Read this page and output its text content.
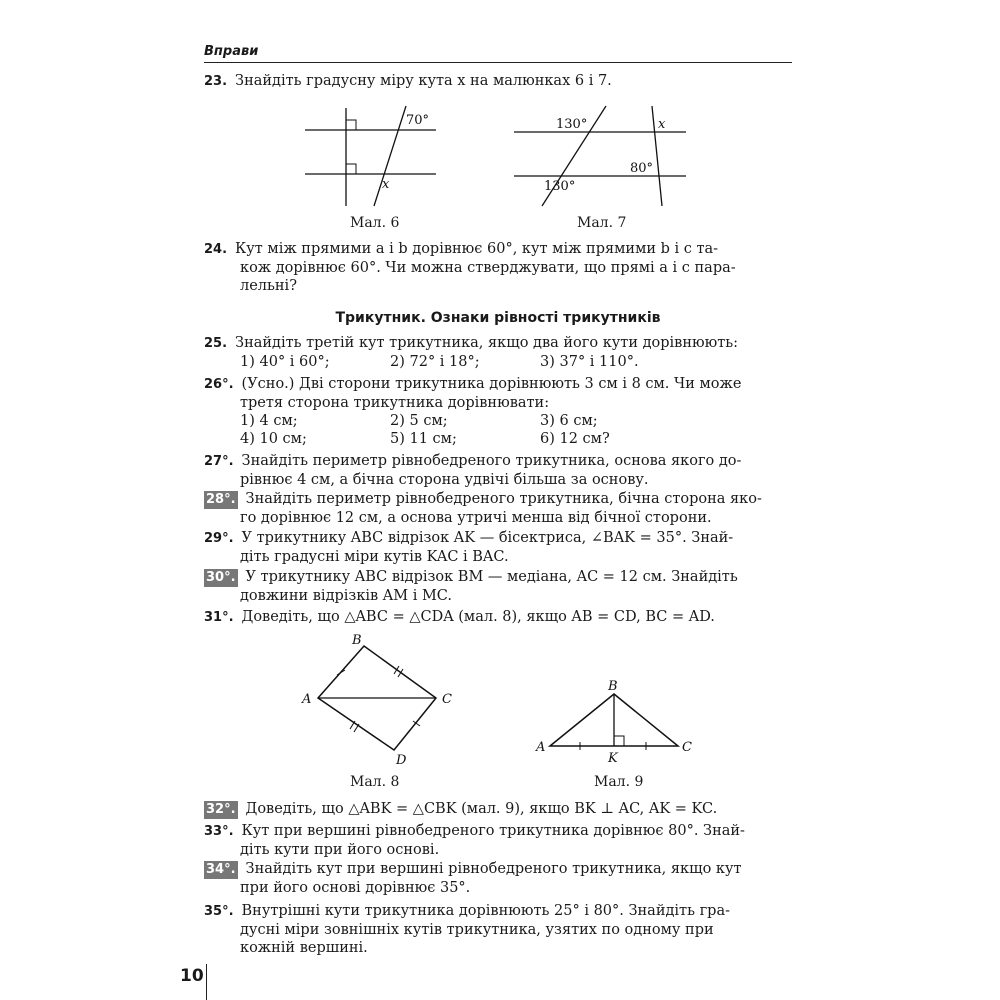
Вправи
23. Знайдіть градусну міру кута x на малюнках 6 і 7.
70°
x
Мал. 6
130°
130°
80°
x
Мал. 7
24. Кут між прямими a і b дорівнює 60°, кут між прямими b і c та-
кож дорівнює 60°. Чи можна стверджувати, що прямі a і c пара-
лельні?
Трикутник. Ознаки рівності трикутників
25. Знайдіть третій кут трикутника, якщо два його кути дорівнюють:
1) 40° і 60°;	2) 72° і 18°;	3) 37° і 110°.
26°. (Усно.) Дві сторони трикутника дорівнюють 3 см і 8 см. Чи може
третя сторона трикутника дорівнювати:
1) 4 см;	2) 5 см;	3) 6 см;
4) 10 см;	5) 11 см;	6) 12 см?
27°. Знайдіть периметр рівнобедреного трикутника, основа якого до-
рівнює 4 см, а бічна сторона удвічі більша за основу.
28°. Знайдіть периметр рівнобедреного трикутника, бічна сторона яко-
го дорівнює 12 см, а основа утричі менша від бічної сторони.
29°. У трикутнику ABC відрізок AK — бісектриса, ∠BAK = 35°. Знай-
діть градусні міри кутів KAC і BAC.
30°. У трикутнику ABC відрізок BM — медіана, AC = 12 см. Знайдіть
довжини відрізків AM і MC.
31°. Доведіть, що △ABC = △CDA (мал. 8), якщо AB = CD, BC = AD.
A
B
C
D
Мал. 8
A
B
C
K
Мал. 9
32°. Доведіть, що △ABK = △CBK (мал. 9), якщо BK ⊥ AC, AK = KC.
33°. Кут при вершині рівнобедреного трикутника дорівнює 80°. Знай-
діть кути при його основі.
34°. Знайдіть кут при вершині рівнобедреного трикутника, якщо кут
при його основі дорівнює 35°.
35°. Внутрішні кути трикутника дорівнюють 25° і 80°. Знайдіть гра-
дусні міри зовнішніх кутів трикутника, узятих по одному при
кожній вершині.
10
